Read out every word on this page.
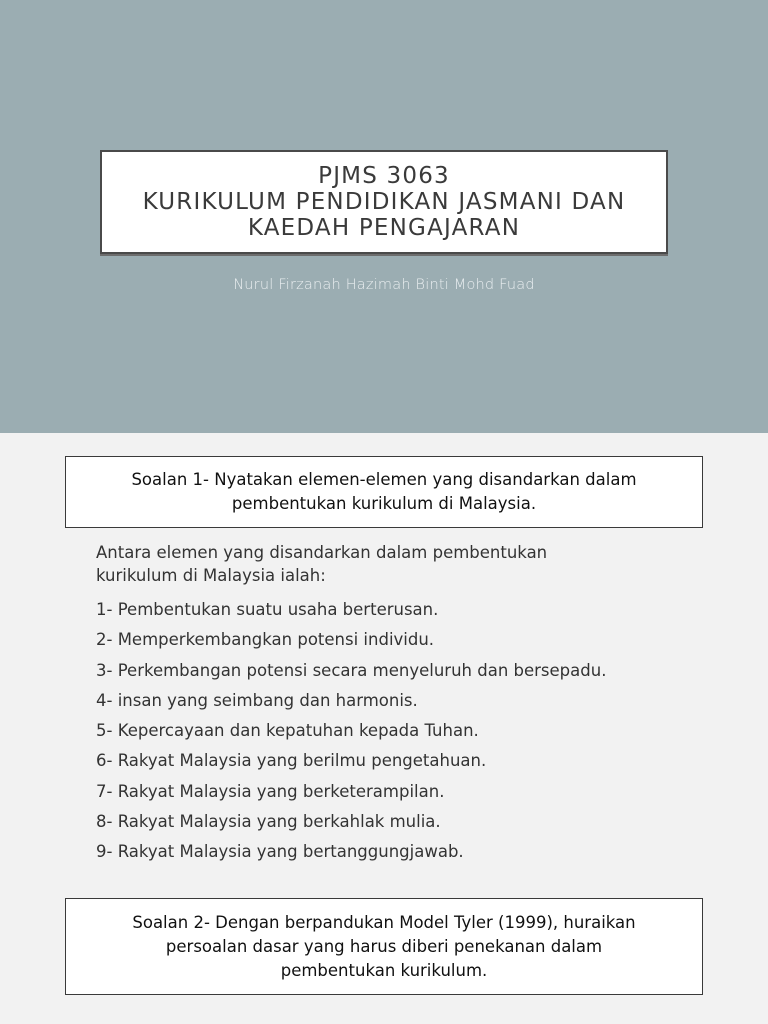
PJMS 3063
KURIKULUM PENDIDIKAN JASMANI DAN
KAEDAH PENGAJARAN
Nurul Firzanah Hazimah Binti Mohd Fuad
Soalan 1- Nyatakan elemen-elemen yang disandarkan dalam
pembentukan kurikulum di Malaysia.
Antara elemen yang disandarkan dalam pembentukan
kurikulum di Malaysia ialah:
1- Pembentukan suatu usaha berterusan.
2- Memperkembangkan potensi individu.
3- Perkembangan potensi secara menyeluruh dan bersepadu.
4- insan yang seimbang dan harmonis.
5- Kepercayaan dan kepatuhan kepada Tuhan.
6- Rakyat Malaysia yang berilmu pengetahuan.
7- Rakyat Malaysia yang berketerampilan.
8- Rakyat Malaysia yang berkahlak mulia.
9- Rakyat Malaysia yang bertanggungjawab.
Soalan 2- Dengan berpandukan Model Tyler (1999), huraikan
persoalan dasar yang harus diberi penekanan dalam
pembentukan kurikulum.
